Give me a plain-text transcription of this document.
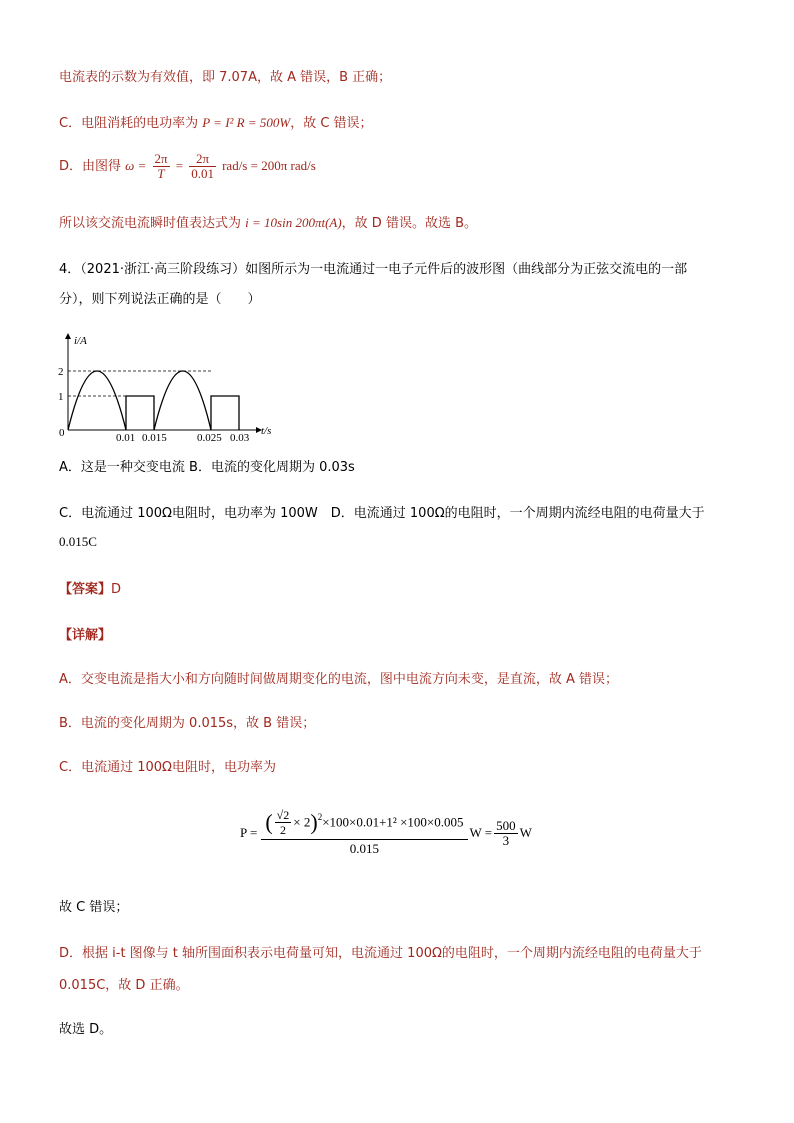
电流表的示数为有效值，即 7.07A，故 A 错误，B 正确；
C．电阻消耗的电功率为 P = I² R = 500W，故 C 错误；
D．由图得 $\omega = \frac{2\pi}{T} = \frac{2\pi}{0.01} rad/s = 200\pi$ rad/s
所以该交流电流瞬时值表达式为 i = 10sin 200πt(A)，故 D 错误。故选 B。
4．（2021·浙江·高三阶段练习）如图所示为一电流通过一电子元件后的波形图（曲线部分为正弦交流电的一部
分），则下列说法正确的是（　　）
i/A
2
1
0	0.01 0.015	0.025 0.03
t/s
A．这是一种交变电流 B．电流的变化周期为 0.03s
C．电流通过 100Ω电阻时，电功率为 100W　D．电流通过 100Ω的电阻时，一个周期内流经电阻的电荷量大于
0.015C
【答案】D
【详解】
A．交变电流是指大小和方向随时间做周期变化的电流，图中电流方向未变，是直流，故 A 错误；
B．电流的变化周期为 0.015s，故 B 错误；
C．电流通过 100Ω电阻时，电功率为
$P = \frac{( \frac{√2}{2} \times 2)^2\times 100\times 0.01+1^2 \times 100\times 0.005}{0.015}$ $W = \frac{500}{3}$ W
故 C 错误；
D．根据 i-t 图像与 t 轴所围面积表示电荷量可知，电流通过 100Ω的电阻时，一个周期内流经电阻的电荷量大于
0.015C，故 D 正确。
故选 D。
